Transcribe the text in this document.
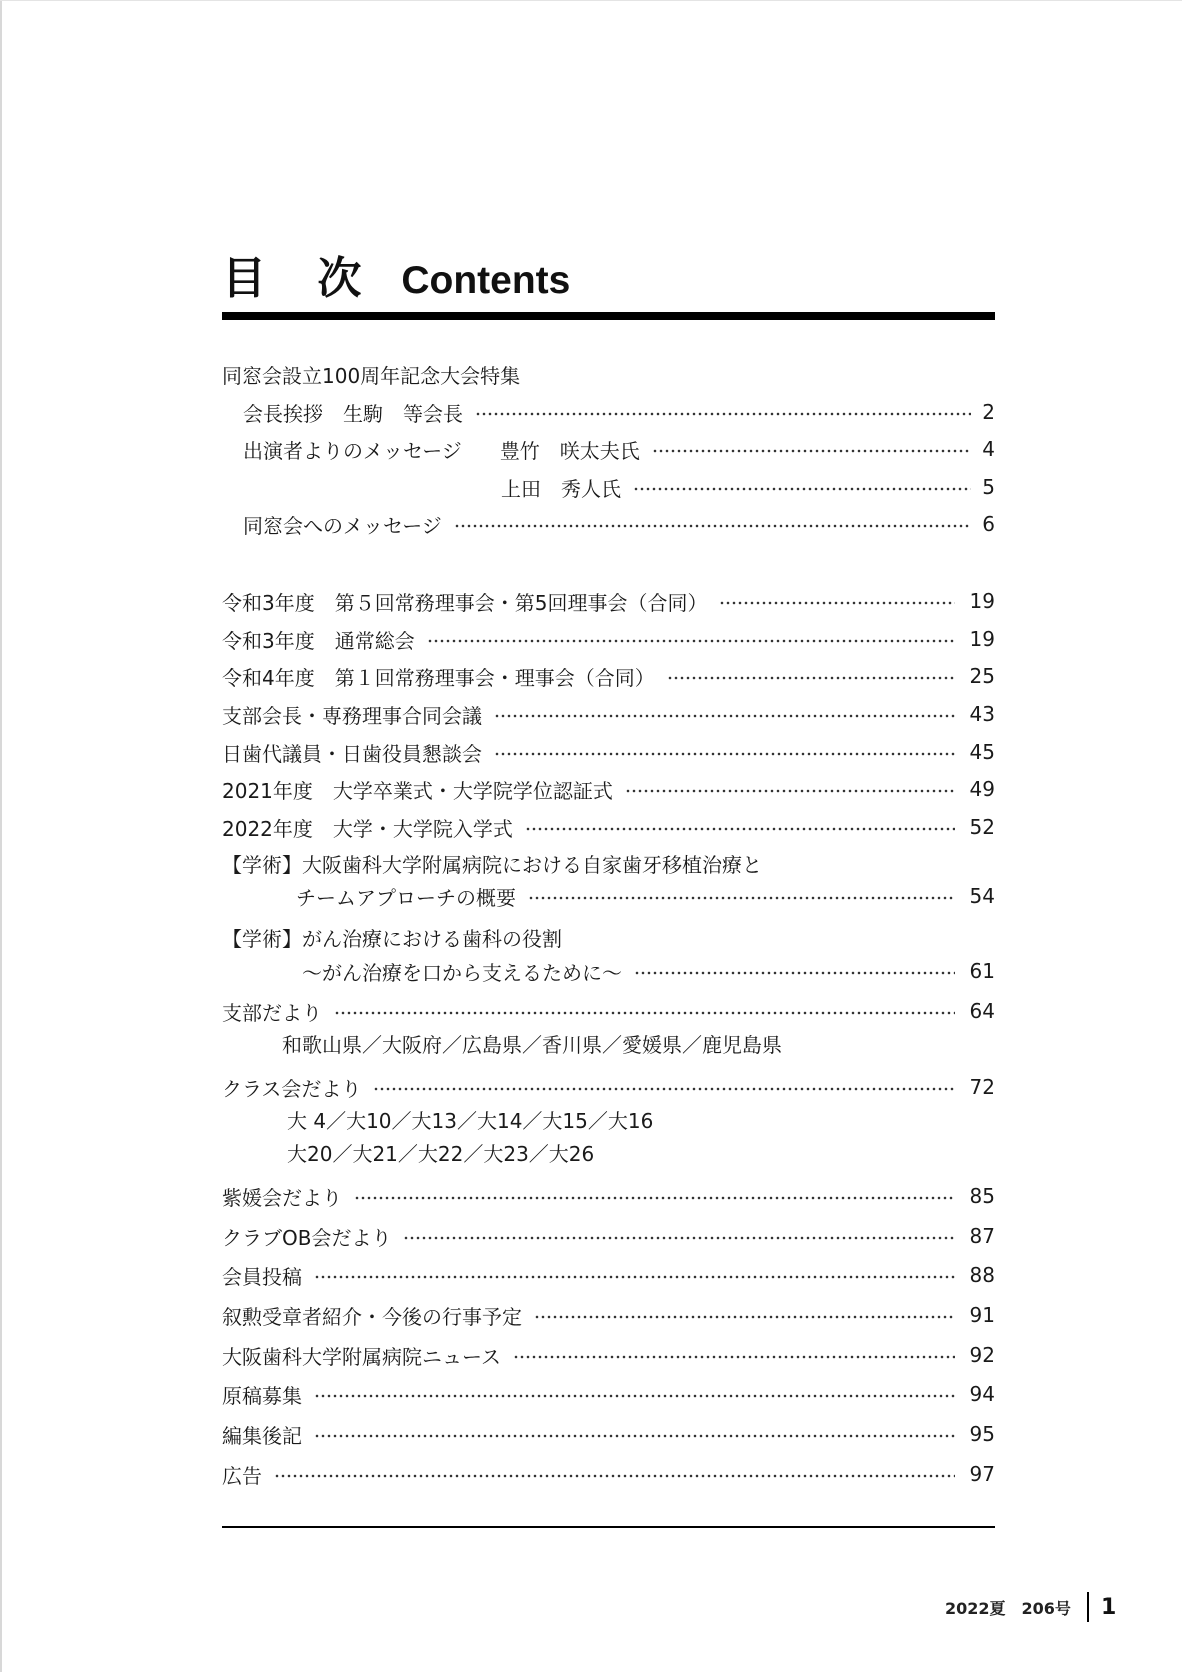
目 次 Contents
同窓会設立100周年記念大会特集
会長挨拶　生駒　等会長	2
出演者よりのメッセージ 豊竹　咲太夫氏	4
上田　秀人氏	5
同窓会へのメッセージ	6
令和3年度　第５回常務理事会・第5回理事会（合同）	19
令和3年度　通常総会	19
令和4年度　第１回常務理事会・理事会（合同）	25
支部会長・専務理事合同会議	43
日歯代議員・日歯役員懇談会	45
2021年度　大学卒業式・大学院学位認証式	49
2022年度　大学・大学院入学式	52
【学術】大阪歯科大学附属病院における自家歯牙移植治療と
チームアプローチの概要	54
【学術】がん治療における歯科の役割
～がん治療を口から支えるために～	61
支部だより	64
和歌山県／大阪府／広島県／香川県／愛媛県／鹿児島県
クラス会だより	72
大 4／大10／大13／大14／大15／大16
大20／大21／大22／大23／大26
紫媛会だより	85
クラブOB会だより	87
会員投稿	88
叙勲受章者紹介・今後の行事予定	91
大阪歯科大学附属病院ニュース	92
原稿募集	94
編集後記	95
広告	97
2022夏　206号 1
